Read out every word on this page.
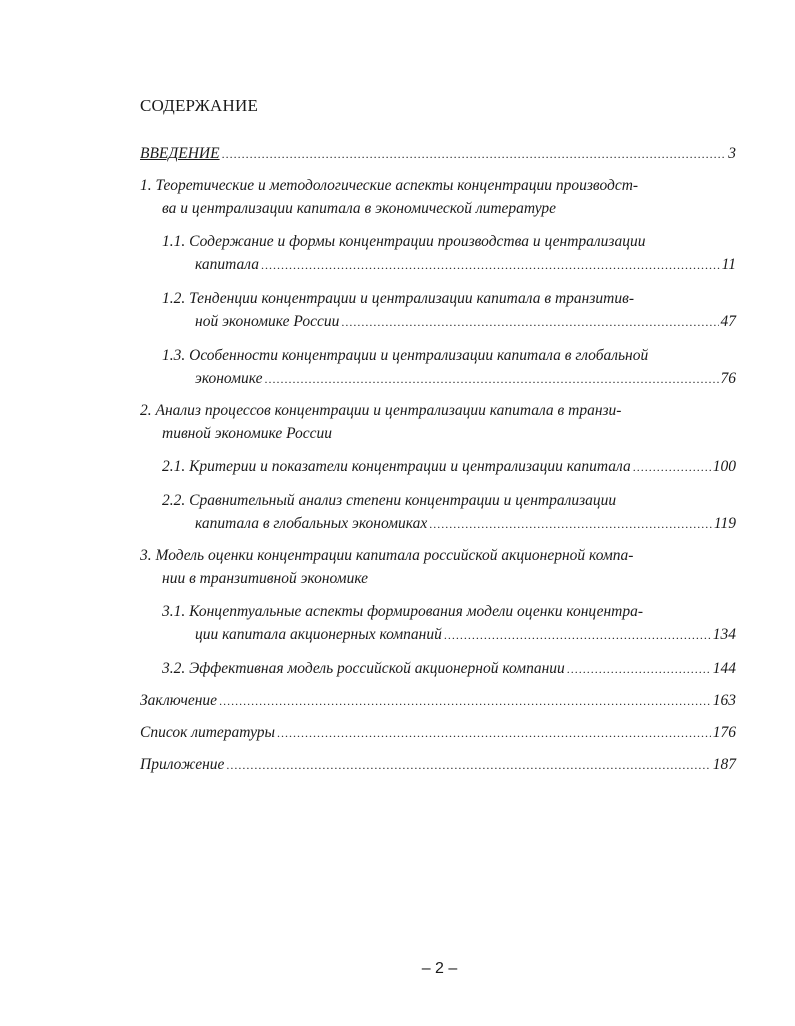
СОДЕРЖАНИЕ
ВВЕДЕНИЕ .....	3
1. Теоретические и методологические аспекты концентрации производст-
ва и централизации капитала в экономической литературе
1.1. Содержание и формы концентрации производства и централизации
капитала .....	11
1.2. Тенденции концентрации и централизации капитала в транзитив-
ной экономике России .....	47
1.3. Особенности концентрации и централизации капитала в глобальной
экономике .....	76
2. Анализ процессов концентрации и централизации капитала в транзи-
тивной экономике России
2.1. Критерии и показатели концентрации и централизации капитала .....	100
2.2. Сравнительный анализ степени концентрации и централизации
капитала в глобальных экономиках .....	119
3. Модель оценки концентрации капитала российской акционерной компа-
нии в транзитивной экономике
3.1. Концептуальные аспекты формирования модели оценки концентра-
ции капитала акционерных компаний .....	134
3.2. Эффективная модель российской акционерной компании .....	144
Заключение .....	163
Список литературы .....	176
Приложение .....	187
– 2 –
